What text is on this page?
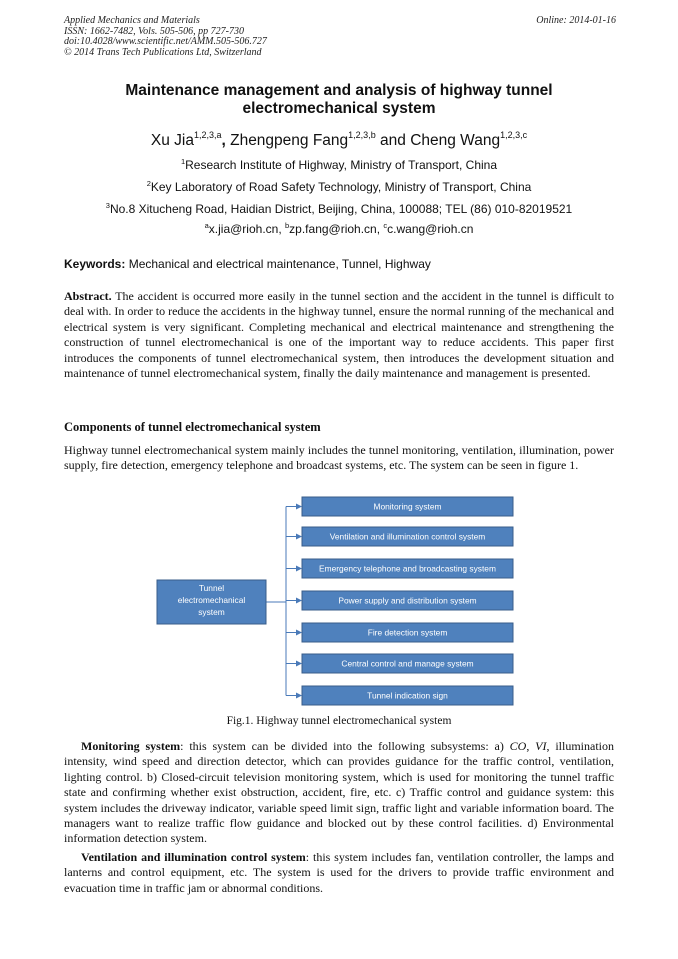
Applied Mechanics and Materials
ISSN: 1662-7482, Vols. 505-506, pp 727-730
doi:10.4028/www.scientific.net/AMM.505-506.727
© 2014 Trans Tech Publications Ltd, Switzerland
Online: 2014-01-16
Maintenance management and analysis of highway tunnel
electromechanical system
Xu Jia$^{1,2,3,a}$, Zhengpeng Fang$^{1,2,3,b}$ and Cheng Wang$^{1,2,3,c}$
$^1$Research Institute of Highway, Ministry of Transport, China
$^2$Key Laboratory of Road Safety Technology, Ministry of Transport, China
$^3$No.8 Xitucheng Road, Haidian District, Beijing, China, 100088; TEL (86) 010-82019521
$^a$x.jia@rioh.cn, $^b$zp.fang@rioh.cn, $^c$c.wang@rioh.cn
Keywords: Mechanical and electrical maintenance, Tunnel, Highway
Abstract. The accident is occurred more easily in the tunnel section and the accident in the tunnel is difficult to deal with. In order to reduce the accidents in the highway tunnel, ensure the normal running of the mechanical and electrical system is very significant. Completing mechanical and electrical maintenance and strengthening the construction of tunnel electromechanical is one of the important way to reduce accidents. This paper first introduces the components of tunnel electromechanical system, then introduces the development situation and maintenance of tunnel electromechanical system, finally the daily maintenance and management is presented.
Components of tunnel electromechanical system
Highway tunnel electromechanical system mainly includes the tunnel monitoring, ventilation, illumination, power supply, fire detection, emergency telephone and broadcast systems, etc. The system can be seen in figure 1.
Tunnel
electromechanical
system
Monitoring system
Ventilation and illumination control system
Emergency telephone and broadcasting system
Power supply and distribution system
Fire detection system
Central control and manage system
Tunnel indication sign
Fig.1. Highway tunnel electromechanical system
Monitoring system: this system can be divided into the following subsystems: a) CO, VI, illumination intensity, wind speed and direction detector, which can provides guidance for the traffic control, ventilation, lighting control. b) Closed-circuit television monitoring system, which is used for monitoring the tunnel traffic state and confirming whether exist obstruction, accident, fire, etc. c) Traffic control and guidance system: this system includes the driveway indicator, variable speed limit sign, traffic light and variable information board. The managers want to realize traffic flow guidance and blocked out by these control facilities. d) Environmental information detection system.
Ventilation and illumination control system: this system includes fan, ventilation controller, the lamps and lanterns and control equipment, etc. The system is used for the drivers to provide traffic environment and evacuation time in traffic jam or abnormal conditions.
